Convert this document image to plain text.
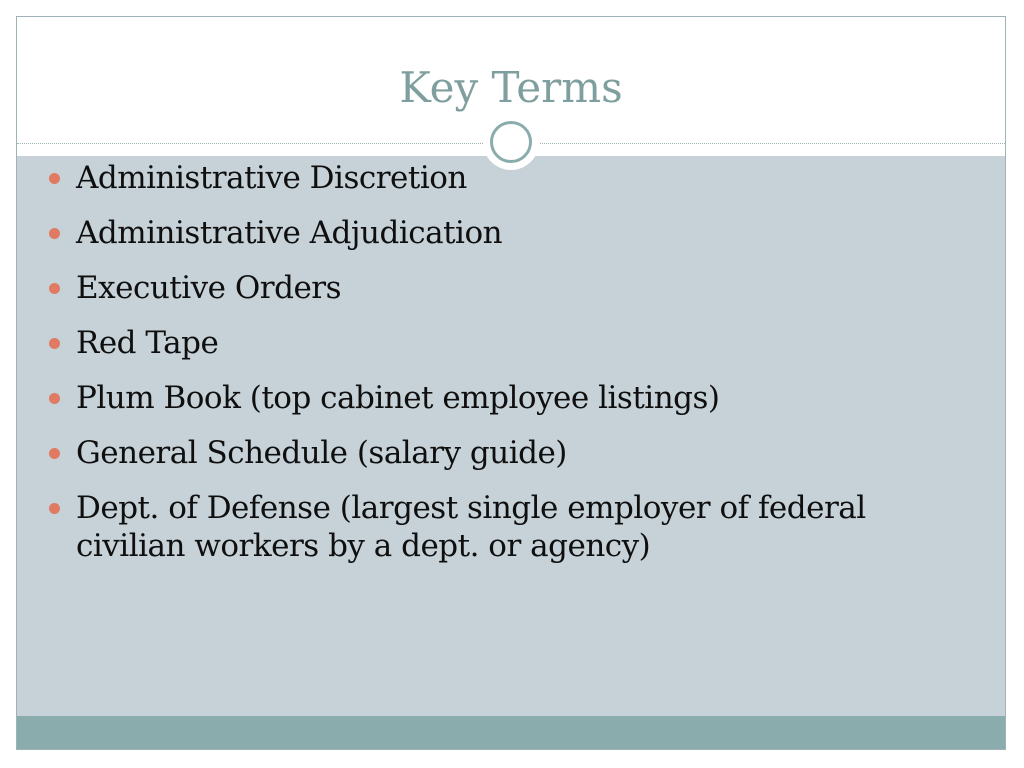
Key Terms
Administrative Discretion
Administrative Adjudication
Executive Orders
Red Tape
Plum Book (top cabinet employee listings)
General Schedule (salary guide)
Dept. of Defense (largest single employer of federal civilian workers by a dept. or agency)
